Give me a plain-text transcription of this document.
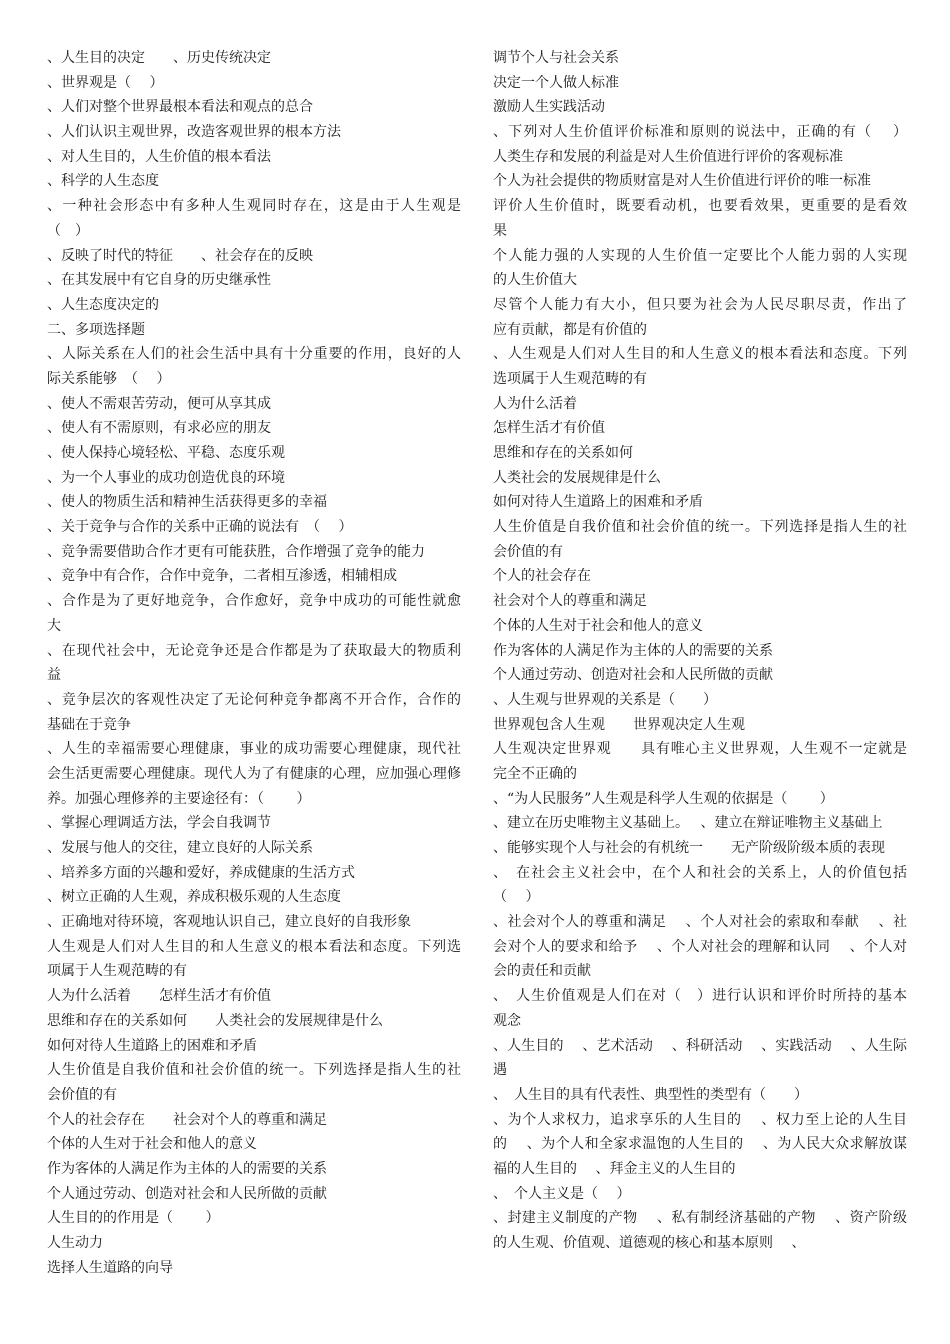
、人生目的决定　　、历史传统决定
、世界观是（　 ）
、人们对整个世界最根本看法和观点的总合
、人们认识主观世界，改造客观世界的根本方法
、对人生目的，人生价值的根本看法
、科学的人生态度
、一种社会形态中有多种人生观同时存在，这是由于人生观是
（　）
、反映了时代的特征　　、社会存在的反映
、在其发展中有它自身的历史继承性
、人生态度决定的
二、多项选择题
、人际关系在人们的社会生活中具有十分重要的作用，良好的人
际关系能够　（　 ）
、使人不需艰苦劳动，便可从享其成
、使人有不需原则，有求必应的朋友
、使人保持心境轻松、平稳、态度乐观
、为一个人事业的成功创造优良的环境
、使人的物质生活和精神生活获得更多的幸福
、关于竞争与合作的关系中正确的说法有　（　 ）
、竞争需要借助合作才更有可能获胜，合作增强了竞争的能力
、竞争中有合作，合作中竞争，二者相互渗透，相辅相成
、合作是为了更好地竞争，合作愈好，竞争中成功的可能性就愈
大
、在现代社会中，无论竞争还是合作都是为了获取最大的物质利
益
、竞争层次的客观性决定了无论何种竞争都离不开合作，合作的
基础在于竞争
、人生的幸福需要心理健康，事业的成功需要心理健康，现代社
会生活更需要心理健康。现代人为了有健康的心理，应加强心理修
养。加强心理修养的主要途径有：（　　 ）
、掌握心理调适方法，学会自我调节
、发展与他人的交往，建立良好的人际关系
、培养多方面的兴趣和爱好，养成健康的生活方式
、树立正确的人生观，养成积极乐观的人生态度
、正确地对待环境，客观地认识自己，建立良好的自我形象
人生观是人们对人生目的和人生意义的根本看法和态度。下列选
项属于人生观范畴的有
人为什么活着　　怎样生活才有价值
思维和存在的关系如何　　人类社会的发展规律是什么
如何对待人生道路上的困难和矛盾
人生价值是自我价值和社会价值的统一。下列选择是指人生的社
会价值的有
个人的社会存在　　社会对个人的尊重和满足
个体的人生对于社会和他人的意义
作为客体的人满足作为主体的人的需要的关系
个人通过劳动、创造对社会和人民所做的贡献
人生目的的作用是（　　 ）
人生动力
选择人生道路的向导
调节个人与社会关系
决定一个人做人标准
激励人生实践活动
、下列对人生价值评价标准和原则的说法中，正确的有（　 ）
人类生存和发展的利益是对人生价值进行评价的客观标准
个人为社会提供的物质财富是对人生价值进行评价的唯一标准
评价人生价值时，既要看动机，也要看效果，更重要的是看效
果
个人能力强的人实现的人生价值一定要比个人能力弱的人实现
的人生价值大
尽管个人能力有大小，但只要为社会为人民尽职尽责，作出了
应有贡献，都是有价值的
、人生观是人们对人生目的和人生意义的根本看法和态度。下列
选项属于人生观范畴的有
人为什么活着
怎样生活才有价值
思维和存在的关系如何
人类社会的发展规律是什么
如何对待人生道路上的困难和矛盾
人生价值是自我价值和社会价值的统一。下列选择是指人生的社
会价值的有
个人的社会存在
社会对个人的尊重和满足
个体的人生对于社会和他人的意义
作为客体的人满足作为主体的人的需要的关系
个人通过劳动、创造对社会和人民所做的贡献
、人生观与世界观的关系是（　　）
世界观包含人生观　　世界观决定人生观
人生观决定世界观　　具有唯心主义世界观，人生观不一定就是
完全不正确的
、“为人民服务”人生观是科学人生观的依据是（　　 ）
、建立在历史唯物主义基础上。　 、建立在辩证唯物主义基础上
、能够实现个人与社会的有机统一　　无产阶级阶级本质的表现
、　在社会主义社会中，在个人和社会的关系上，人的价值包括
（　 ）
、社会对个人的尊重和满足　 、个人对社会的索取和奉献　 、社
会对个人的要求和给予　 、个人对社会的理解和认同　 、个人对
会的责任和贡献
、　人生价值观是人们在对（　）进行认识和评价时所持的基本
观念
、人生目的　 、艺术活动　 、科研活动　 、实践活动　 、人生际
遇
、　人生目的具有代表性、典型性的类型有（　　）
、为个人求权力，追求享乐的人生目的　 、权力至上论的人生目
的　 、为个人和全家求温饱的人生目的　 、为人民大众求解放谋
福的人生目的　 、拜金主义的人生目的
、　个人主义是（　 ）
、封建主义制度的产物　 、私有制经济基础的产物　 、资产阶级
的人生观、价值观、道德观的核心和基本原则　 、
